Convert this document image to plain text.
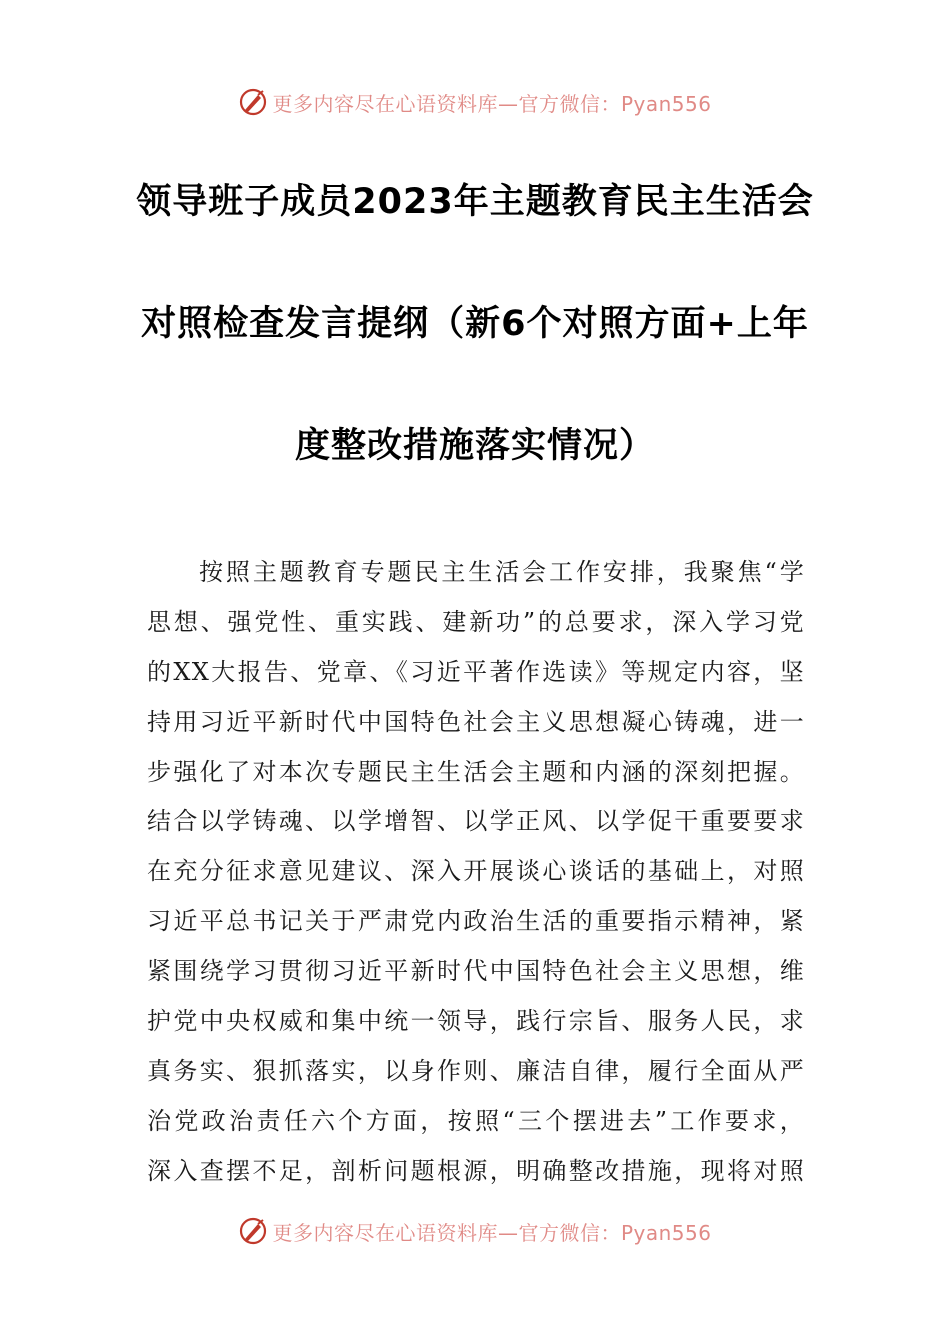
更多内容尽在心语资料库—官方微信：Pyan556
领导班子成员2023年主题教育民主生活会
对照检查发言提纲（新6个对照方面+上年
度整改措施落实情况）
按照主题教育专题民主生活会工作安排，我聚焦“学
思想、强党性、重实践、建新功”的总要求，深入学习党
的XX大报告、党章、《习近平著作选读》等规定内容，坚
持用习近平新时代中国特色社会主义思想凝心铸魂，进一
步强化了对本次专题民主生活会主题和内涵的深刻把握。
结合以学铸魂、以学增智、以学正风、以学促干重要要求
在充分征求意见建议、深入开展谈心谈话的基础上，对照
习近平总书记关于严肃党内政治生活的重要指示精神，紧
紧围绕学习贯彻习近平新时代中国特色社会主义思想，维
护党中央权威和集中统一领导，践行宗旨、服务人民，求
真务实、狠抓落实，以身作则、廉洁自律，履行全面从严
治党政治责任六个方面，按照“三个摆进去”工作要求，
深入查摆不足，剖析问题根源，明确整改措施，现将对照
更多内容尽在心语资料库—官方微信：Pyan556
